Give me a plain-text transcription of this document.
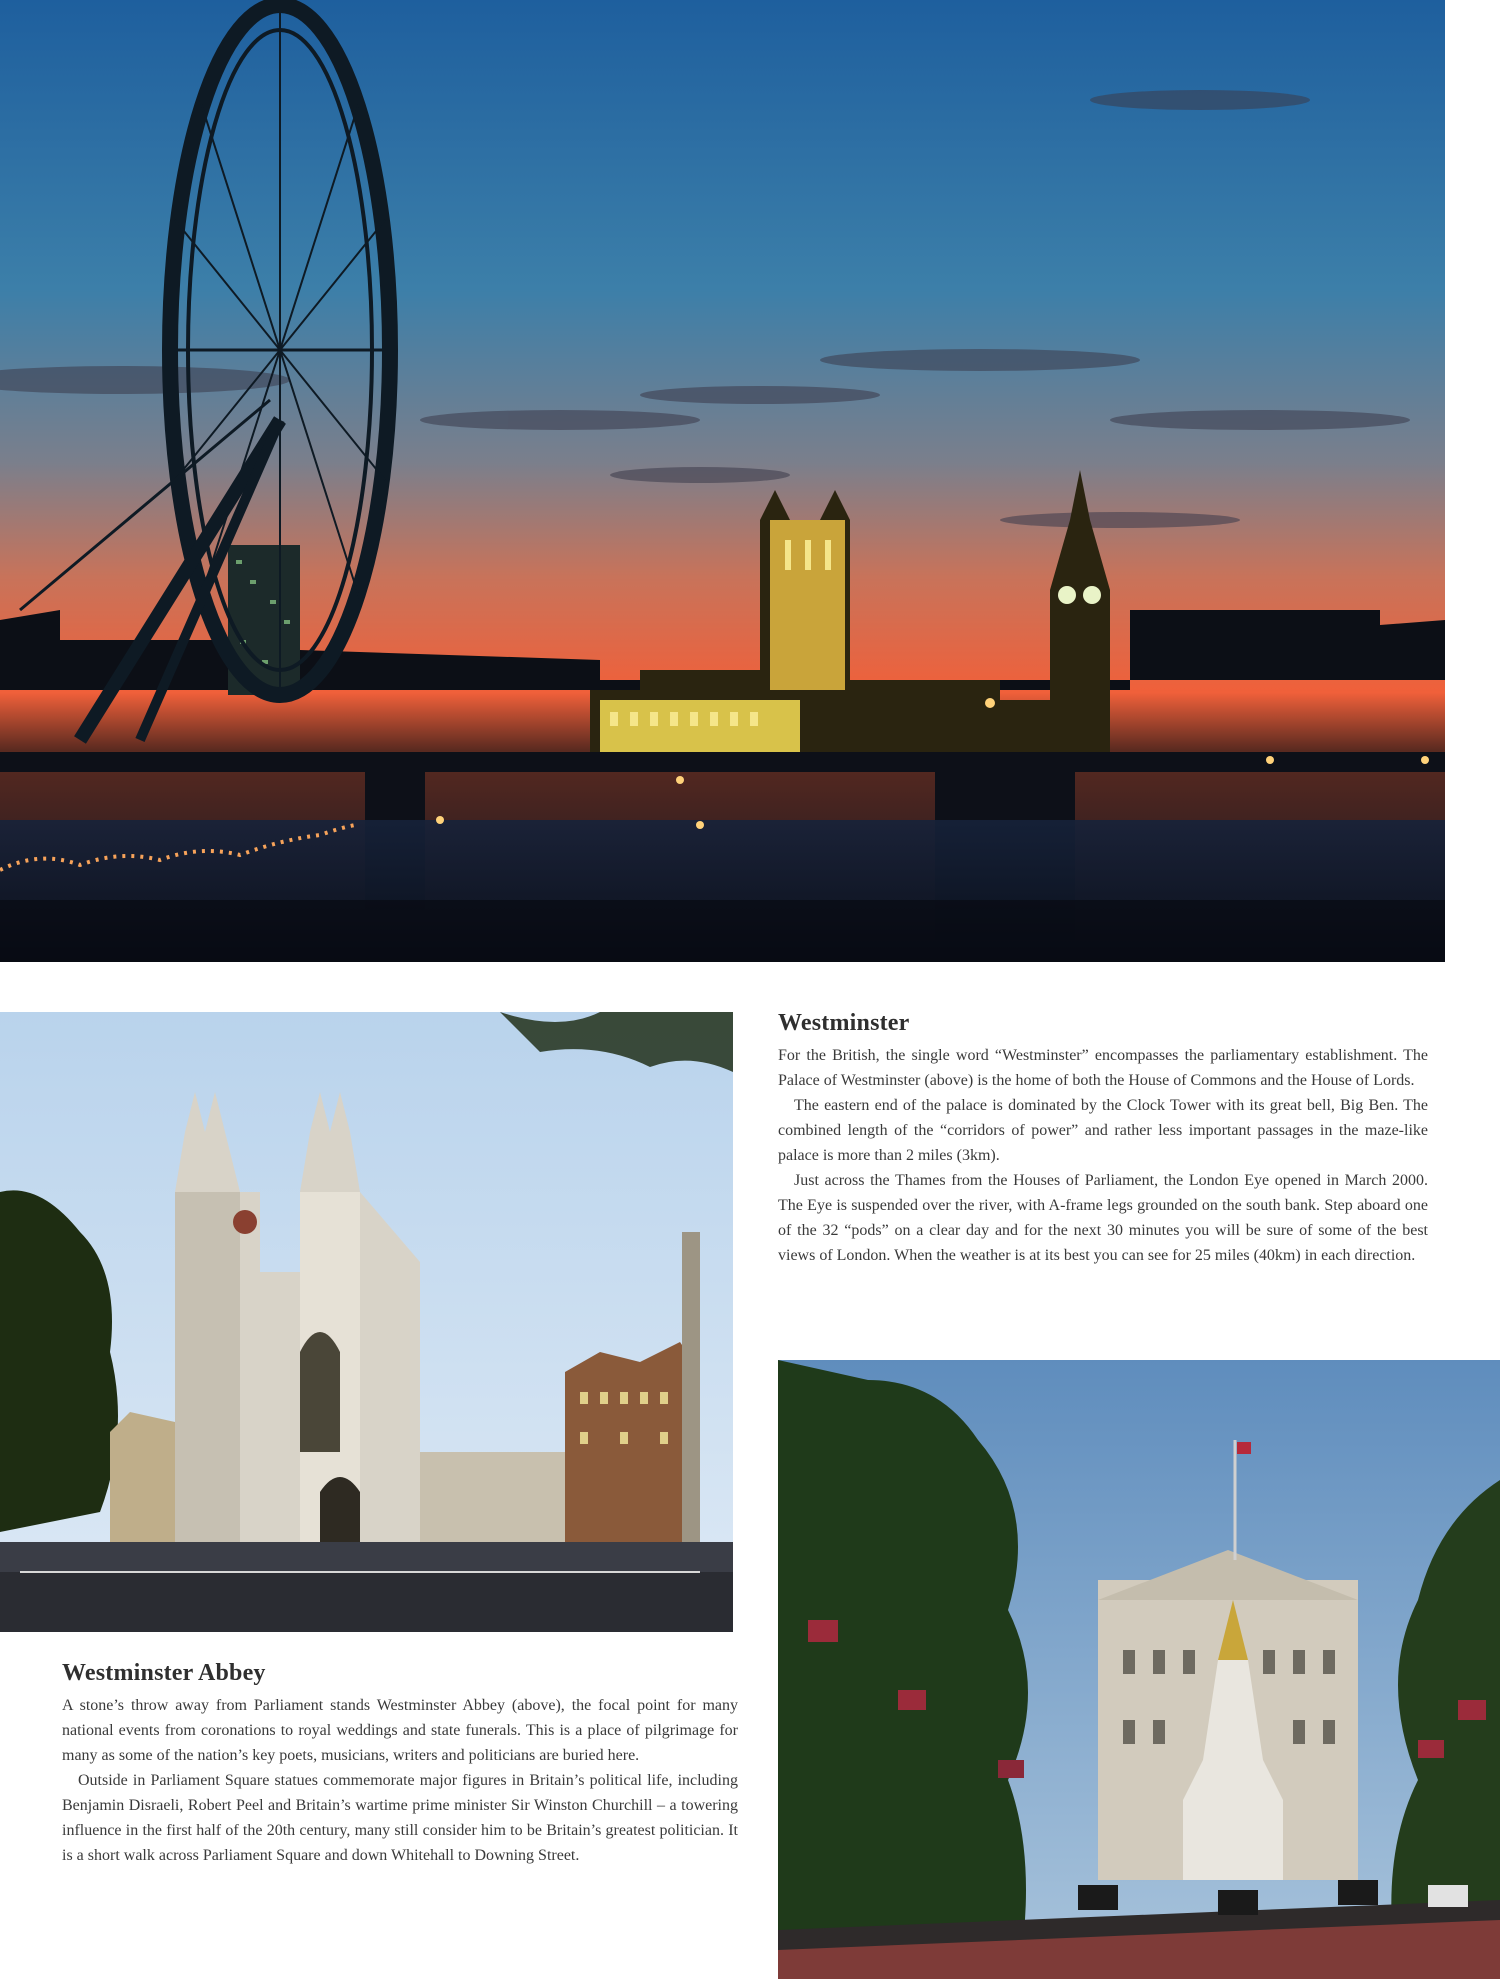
Westminster

For the British, the single word “Westminster” encompasses the parliamentary establishment. The Palace of Westminster (above) is the home of both the House of Commons and the House of Lords.

The eastern end of the palace is dominated by the Clock Tower with its great bell, Big Ben. The combined length of the “corridors of power” and rather less important passages in the maze-like palace is more than 2 miles (3km).

Just across the Thames from the Houses of Parliament, the London Eye opened in March 2000. The Eye is suspended over the river, with A-frame legs grounded on the south bank. Step aboard one of the 32 “pods” on a clear day and for the next 30 minutes you will be sure of some of the best views of London. When the weather is at its best you can see for 25 miles (40km) in each direction.

Westminster Abbey

A stone’s throw away from Parliament stands Westminster Abbey (above), the focal point for many national events from coronations to royal weddings and state funerals. This is a place of pilgrimage for many as some of the nation’s key poets, musicians, writers and politicians are buried here.

Outside in Parliament Square statues commemorate major figures in Britain’s political life, including Benjamin Disraeli, Robert Peel and Britain’s wartime prime minister Sir Winston Churchill – a towering influence in the first half of the 20th century, many still consider him to be Britain’s greatest politician. It is a short walk across Parliament Square and down Whitehall to Downing Street.
